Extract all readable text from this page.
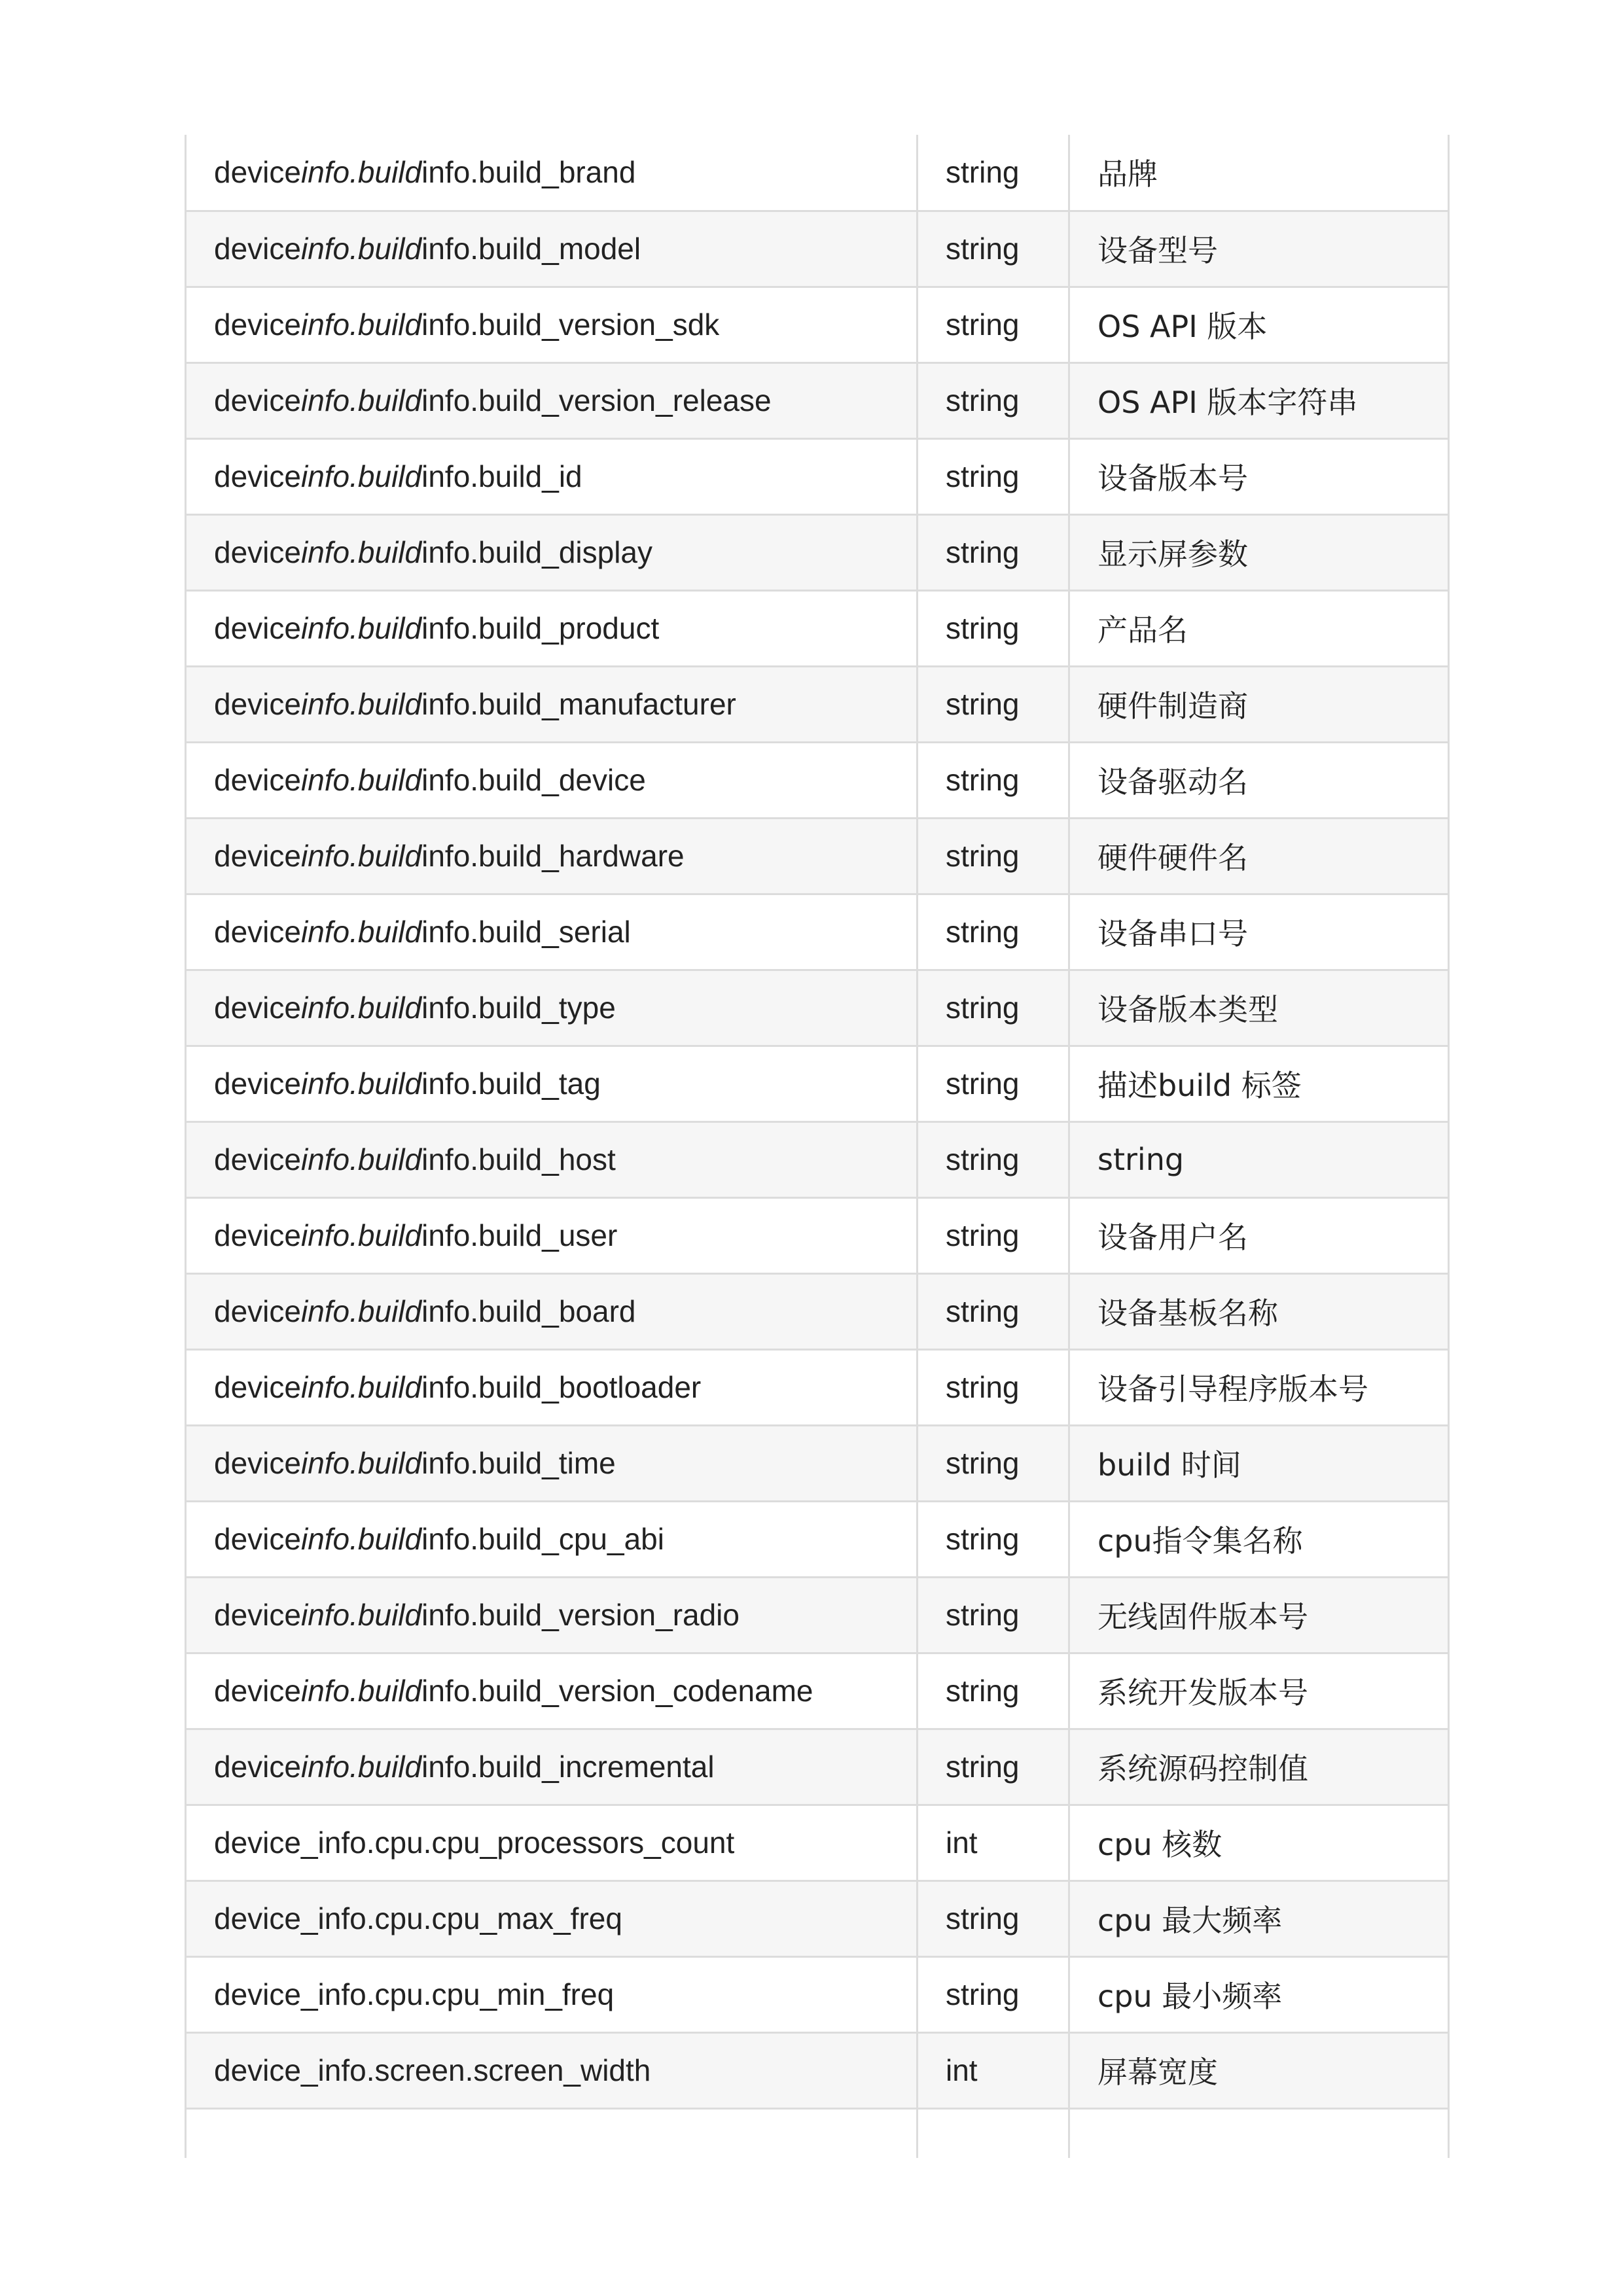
deviceinfo.buildinfo.build_brand	string	品牌
deviceinfo.buildinfo.build_model	string	设备型号
deviceinfo.buildinfo.build_version_sdk	string	OS API 版本
deviceinfo.buildinfo.build_version_release	string	OS API 版本字符串
deviceinfo.buildinfo.build_id	string	设备版本号
deviceinfo.buildinfo.build_display	string	显示屏参数
deviceinfo.buildinfo.build_product	string	产品名
deviceinfo.buildinfo.build_manufacturer	string	硬件制造商
deviceinfo.buildinfo.build_device	string	设备驱动名
deviceinfo.buildinfo.build_hardware	string	硬件硬件名
deviceinfo.buildinfo.build_serial	string	设备串口号
deviceinfo.buildinfo.build_type	string	设备版本类型
deviceinfo.buildinfo.build_tag	string	描述build 标签
deviceinfo.buildinfo.build_host	string	string
deviceinfo.buildinfo.build_user	string	设备用户名
deviceinfo.buildinfo.build_board	string	设备基板名称
deviceinfo.buildinfo.build_bootloader	string	设备引导程序版本号
deviceinfo.buildinfo.build_time	string	build 时间
deviceinfo.buildinfo.build_cpu_abi	string	cpu指令集名称
deviceinfo.buildinfo.build_version_radio	string	无线固件版本号
deviceinfo.buildinfo.build_version_codename	string	系统开发版本号
deviceinfo.buildinfo.build_incremental	string	系统源码控制值
device_info.cpu.cpu_processors_count	int	cpu 核数
device_info.cpu.cpu_max_freq	string	cpu 最大频率
device_info.cpu.cpu_min_freq	string	cpu 最小频率
device_info.screen.screen_width	int	屏幕宽度
